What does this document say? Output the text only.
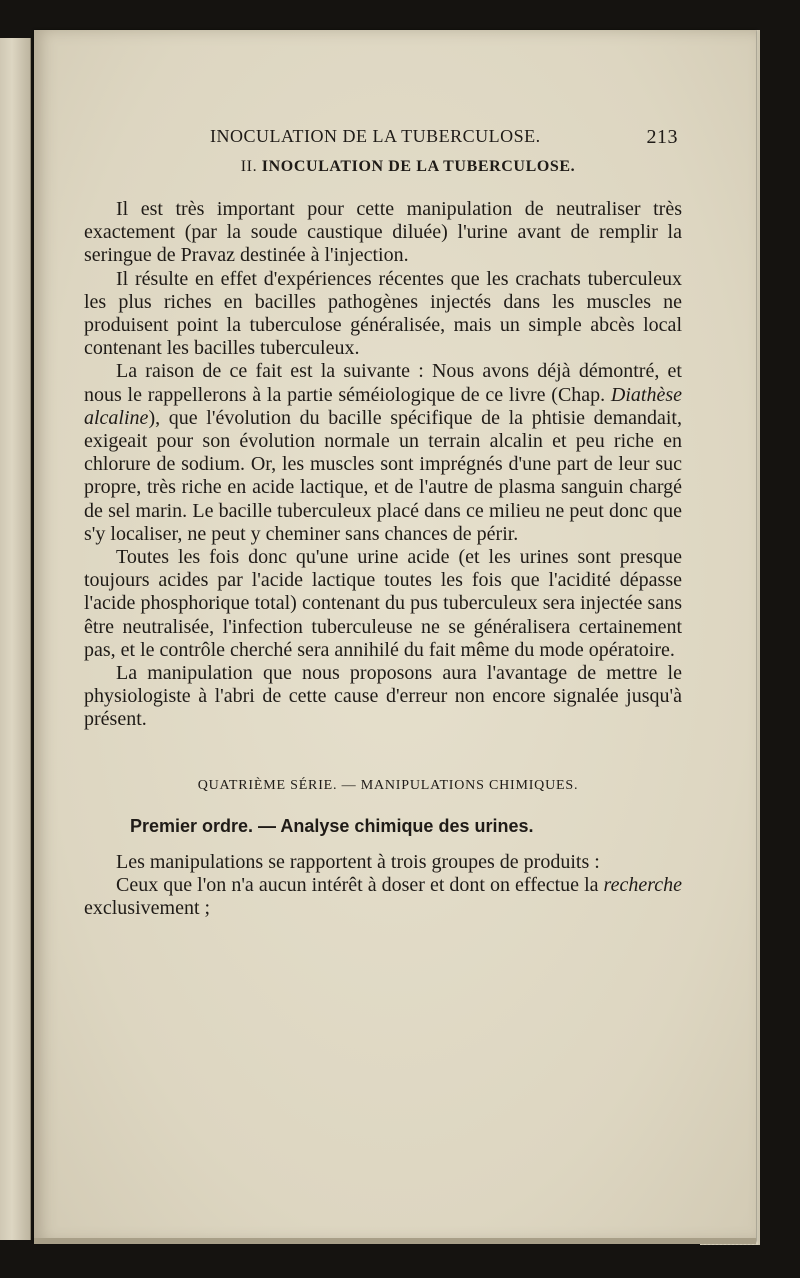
INOCULATION DE LA TUBERCULOSE.	213
II. INOCULATION DE LA TUBERCULOSE.

Il est très important pour cette manipulation de neutraliser très exactement (par la soude caustique diluée) l'urine avant de remplir la seringue de Pravaz destinée à l'injection.

Il résulte en effet d'expériences récentes que les crachats tuberculeux les plus riches en bacilles pathogènes injectés dans les muscles ne produisent point la tuberculose généralisée, mais un simple abcès local contenant les bacilles tuberculeux.

La raison de ce fait est la suivante : Nous avons déjà démontré, et nous le rappellerons à la partie séméiologique de ce livre (Chap. Diathèse alcaline), que l'évolution du bacille spécifique de la phtisie demandait, exigeait pour son évolution normale un terrain alcalin et peu riche en chlorure de sodium. Or, les muscles sont imprégnés d'une part de leur suc propre, très riche en acide lactique, et de l'autre de plasma sanguin chargé de sel marin. Le bacille tuberculeux placé dans ce milieu ne peut donc que s'y localiser, ne peut y cheminer sans chances de périr.

Toutes les fois donc qu'une urine acide (et les urines sont presque toujours acides par l'acide lactique toutes les fois que l'acidité dépasse l'acide phosphorique total) contenant du pus tuberculeux sera injectée sans être neutralisée, l'infection tuberculeuse ne se généralisera certainement pas, et le contrôle cherché sera annihilé du fait même du mode opératoire.

La manipulation que nous proposons aura l'avantage de mettre le physiologiste à l'abri de cette cause d'erreur non encore signalée jusqu'à présent.

QUATRIÈME SÉRIE. — MANIPULATIONS CHIMIQUES.
Premier ordre. — Analyse chimique des urines.

Les manipulations se rapportent à trois groupes de produits :

Ceux que l'on n'a aucun intérêt à doser et dont on effectue la recherche exclusivement ;
